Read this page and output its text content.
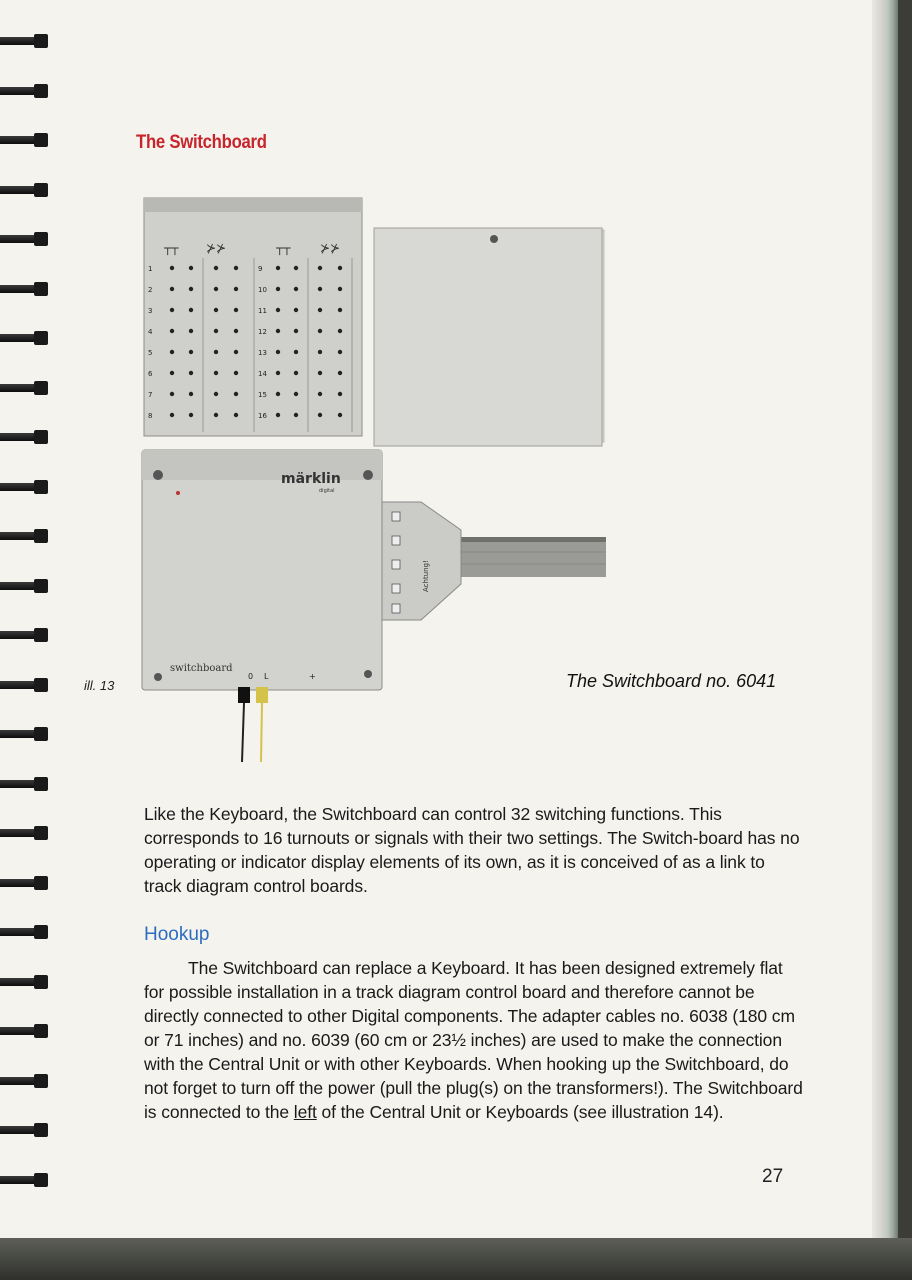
The Switchboard
┬┬ ⊁⊁	┬┬ ⊁⊁
1
2
3
4
5
6
7
8
9
10
11
12
13
14
15
16
märklin
digital
switchboard
0 L	+
Achtung!
ill. 13	The Switchboard no. 6041

Like the Keyboard, the Switchboard can control 32 switching functions. This corresponds to 16 turnouts or signals with their two settings. The Switch-board has no operating or indicator display elements of its own, as it is conceived of as a link to track diagram control boards.

Hookup

The Switchboard can replace a Keyboard. It has been designed extremely flat for possible installation in a track diagram control board and therefore cannot be directly connected to other Digital components. The adapter cables no. 6038 (180 cm or 71 inches) and no. 6039 (60 cm or 23½ inches) are used to make the connection with the Central Unit or with other Keyboards. When hooking up the Switchboard, do not forget to turn off the power (pull the plug(s) on the transformers!). The Switchboard is connected to the left of the Central Unit or Keyboards (see illustration 14).

27
